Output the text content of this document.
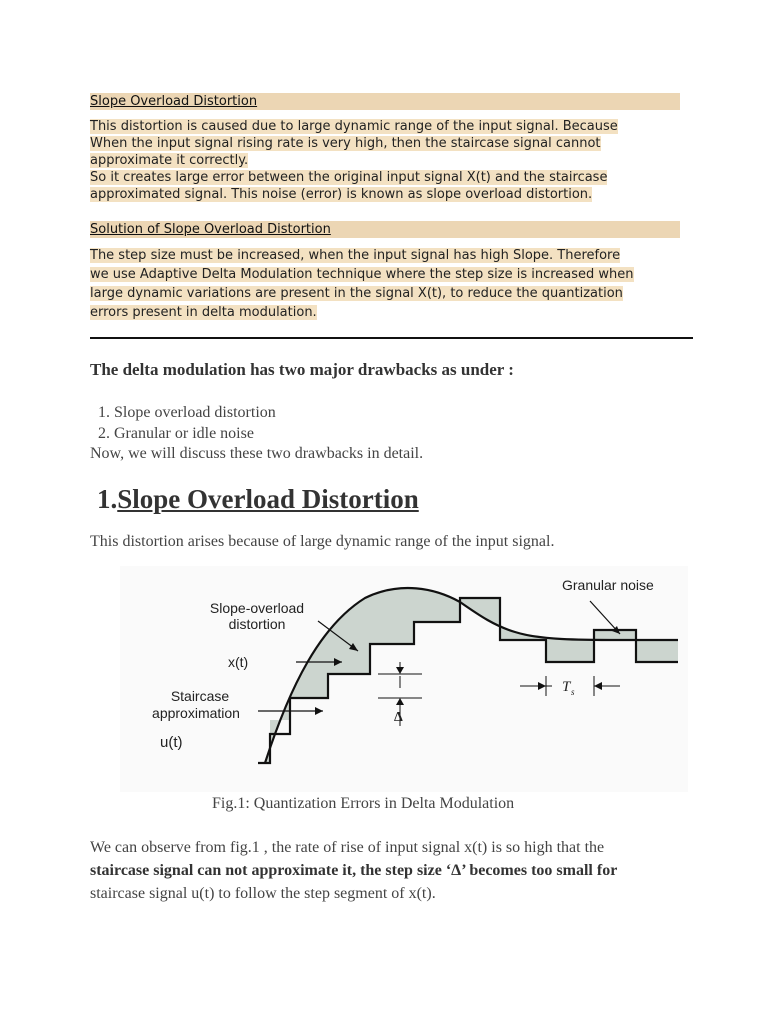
Slope Overload Distortion
This distortion is caused due to large dynamic range of the input signal. Because
When the input signal rising rate is very high, then the staircase signal cannot
approximate it correctly.
So it creates large error between the original input signal X(t) and the staircase
approximated signal. This noise (error) is known as slope overload distortion.
Solution of Slope Overload Distortion
The step size must be increased, when the input signal has high Slope. Therefore
we use Adaptive Delta Modulation technique where the step size is increased when
large dynamic variations are present in the signal X(t), to reduce the quantization
errors present in delta modulation.
The delta modulation has two major drawbacks as under :
1. Slope overload distortion
2. Granular or idle noise
Now, we will discuss these two drawbacks in detail.
1.Slope Overload Distortion
This distortion arises because of large dynamic range of the input signal.
Slope-overload
distortion
x(t)
Staircase
approximation
u(t)
Granular noise
Δ
T s
Fig.1: Quantization Errors in Delta Modulation
We can observe from fig.1 , the rate of rise of input signal x(t) is so high that the
staircase signal can not approximate it, the step size ‘Δ’ becomes too small for
staircase signal u(t) to follow the step segment of x(t).
